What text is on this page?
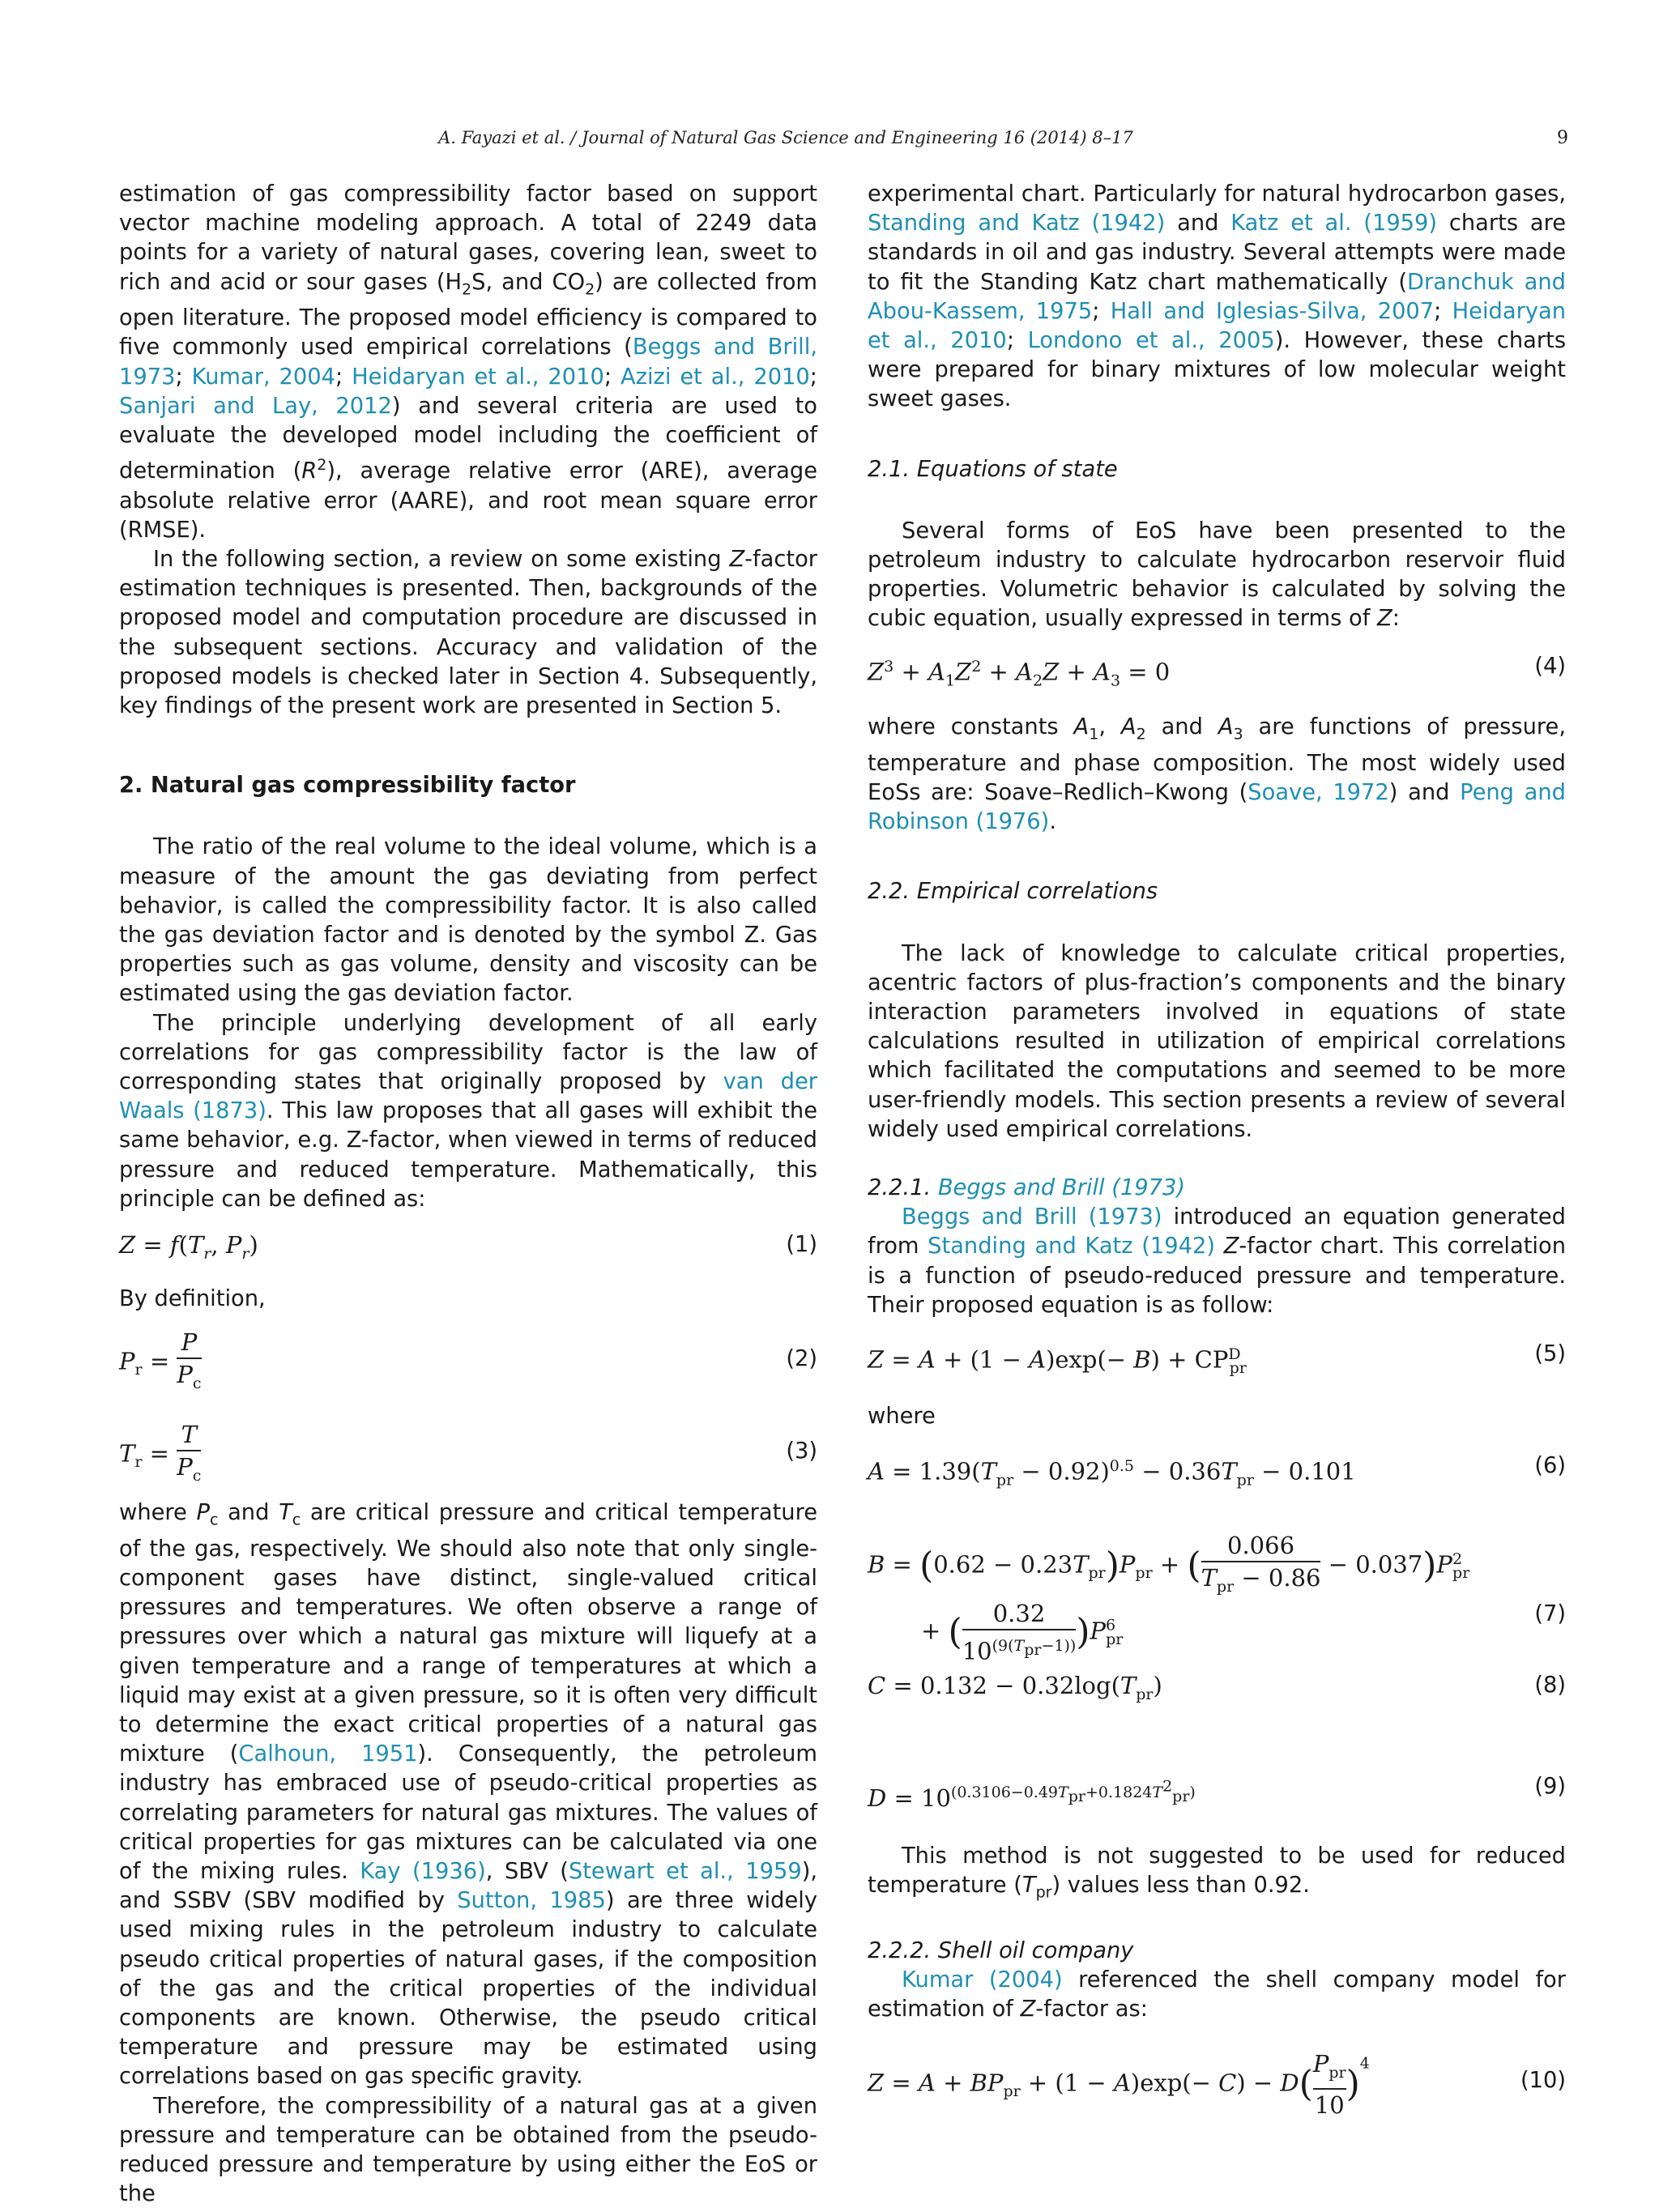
A. Fayazi et al. / Journal of Natural Gas Science and Engineering 16 (2014) 8–17	9

estimation of gas compressibility factor based on support vector machine modeling approach. A total of 2249 data points for a variety of natural gases, covering lean, sweet to rich and acid or sour gases ($H_2S$, and $CO_2$) are collected from open literature. The proposed model efficiency is compared to five commonly used empirical correlations (Beggs and Brill, 1973; Kumar, 2004; Heidaryan et al., 2010; Azizi et al., 2010; Sanjari and Lay, 2012) and several criteria are used to evaluate the developed model including the coefficient of determination $(R^2)$, average relative error (ARE), average absolute relative error (AARE), and root mean square error (RMSE).

In the following section, a review on some existing Z-factor estimation techniques is presented. Then, backgrounds of the proposed model and computation procedure are discussed in the subsequent sections. Accuracy and validation of the proposed models is checked later in Section 4. Subsequently, key findings of the present work are presented in Section 5.

2. Natural gas compressibility factor

The ratio of the real volume to the ideal volume, which is a measure of the amount the gas deviating from perfect behavior, is called the compressibility factor. It is also called the gas deviation factor and is denoted by the symbol Z. Gas properties such as gas volume, density and viscosity can be estimated using the gas deviation factor.

The principle underlying development of all early correlations for gas compressibility factor is the law of corresponding states that originally proposed by van der Waals (1873). This law proposes that all gases will exhibit the same behavior, e.g. Z-factor, when viewed in terms of reduced pressure and reduced temperature. Mathematically, this principle can be defined as:

$Z = f(T_r$, $P_r$)	(1)

By definition,

$P_r = \frac{P}{P_c}$	(2)
$T_r = \frac{T}{P_c}$	(3)

where $P_c$ and $T_c$ are critical pressure and critical temperature of the gas, respectively. We should also note that only single-component gases have distinct, single-valued critical pressures and temperatures. We often observe a range of pressures over which a natural gas mixture will liquefy at a given temperature and a range of temperatures at which a liquid may exist at a given pressure, so it is often very difficult to determine the exact critical properties of a natural gas mixture (Calhoun, 1951). Consequently, the petroleum industry has embraced use of pseudo-critical properties as correlating parameters for natural gas mixtures. The values of critical properties for gas mixtures can be calculated via one of the mixing rules. Kay (1936), SBV (Stewart et al., 1959), and SSBV (SBV modified by Sutton, 1985) are three widely used mixing rules in the petroleum industry to calculate pseudo critical properties of natural gases, if the composition of the gas and the critical properties of the individual components are known. Otherwise, the pseudo critical temperature and pressure may be estimated using correlations based on gas specific gravity.

Therefore, the compressibility of a natural gas at a given pressure and temperature can be obtained from the pseudo-reduced pressure and temperature by using either the EoS or the

experimental chart. Particularly for natural hydrocarbon gases, Standing and Katz (1942) and Katz et al. (1959) charts are standards in oil and gas industry. Several attempts were made to fit the Standing Katz chart mathematically (Dranchuk and Abou-Kassem, 1975; Hall and Iglesias-Silva, 2007; Heidaryan et al., 2010; Londono et al., 2005). However, these charts were prepared for binary mixtures of low molecular weight sweet gases.

2.1. Equations of state

Several forms of EoS have been presented to the petroleum industry to calculate hydrocarbon reservoir fluid properties. Volumetric behavior is calculated by solving the cubic equation, usually expressed in terms of Z:

$Z^3 + A_1Z^2 + A_2Z + A_3 = 0$	(4)

where constants $A_1$, $A_2$ and $A_3$ are functions of pressure, temperature and phase composition. The most widely used EoSs are: Soave–Redlich–Kwong (Soave, 1972) and Peng and Robinson (1976).

2.2. Empirical correlations

The lack of knowledge to calculate critical properties, acentric factors of plus-fraction’s components and the binary interaction parameters involved in equations of state calculations resulted in utilization of empirical correlations which facilitated the computations and seemed to be more user-friendly models. This section presents a review of several widely used empirical correlations.

2.2.1. Beggs and Brill (1973)

Beggs and Brill (1973) introduced an equation generated from Standing and Katz (1942) Z-factor chart. This correlation is a function of pseudo-reduced pressure and temperature. Their proposed equation is as follow:

$Z = A + (1 - A)\exp(- B) + CP^D_{pr}$
(5)

where

$A = 1.39(T_{pr} - 0.92)^{0.5} - 0.36T_{pr} - 0.101$	(6)
$B = (0.62 - 0.23T_{pr})P_{pr}$ + ( $\frac{0.066}{T_{pr} - 0.86} - 0.037)P^2_{pr}$
+ ( $\frac{0.32}{10^{(9(T_{pr}-1))}} )P^6_{pr}$
(7)
$C = 0.132 - 0.32\log(T_{pr})$	(8)
$D = 10^{(0.3106-0.49T_{pr}+0.1824T^2_{pr})}$	(9)

This method is not suggested to be used for reduced temperature $(T_{pr})$ values less than 0.92.

2.2.2. Shell oil company

Kumar (2004) referenced the shell company model for estimation of Z-factor as:

$Z = A + BP_{pr} + (1 - A)\exp(- C) - D( \frac{P_{pr}}{10} )^4$
(10)
